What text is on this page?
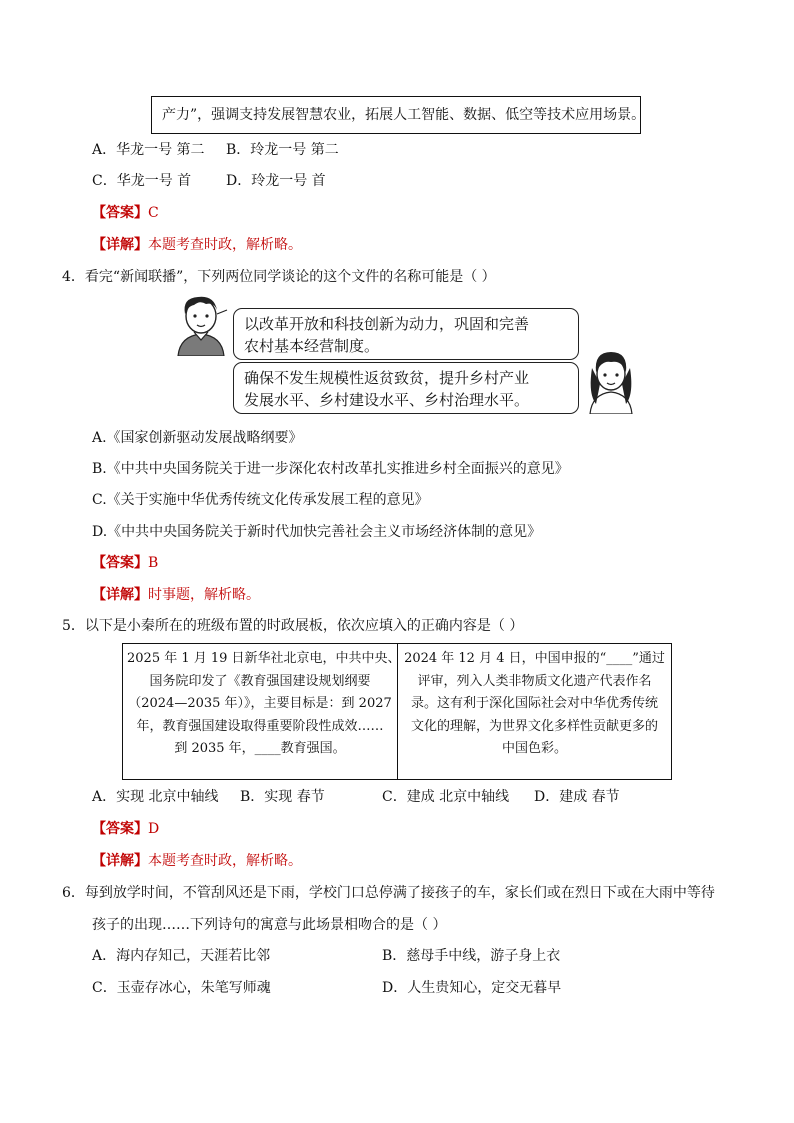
产力”，强调支持发展智慧农业，拓展人工智能、数据、低空等技术应用场景。
A．华龙一号 第二 B．玲龙一号 第二
C．华龙一号 首 D．玲龙一号 首
【答案】C
【详解】本题考查时政，解析略。
4．看完“新闻联播”，下列两位同学谈论的这个文件的名称可能是（ ）
以改革开放和科技创新为动力，巩固和完善
农村基本经营制度。
确保不发生规模性返贫致贫，提升乡村产业
发展水平、乡村建设水平、乡村治理水平。
A.《国家创新驱动发展战略纲要》
B.《中共中央国务院关于进一步深化农村改革扎实推进乡村全面振兴的意见》
C.《关于实施中华优秀传统文化传承发展工程的意见》
D.《中共中央国务院关于新时代加快完善社会主义市场经济体制的意见》
【答案】B
【详解】时事题，解析略。
5．以下是小秦所在的班级布置的时政展板，依次应填入的正确内容是（ ）
2025 年 1 月 19 日新华社北京电，中共中央、
国务院印发了《教育强国建设规划纲要
（2024—2035 年）》，主要目标是：到 2027
年，教育强国建设取得重要阶段性成效……
到 2035 年，____教育强国。
2024 年 12 月 4 日，中国申报的“____”通过
评审，列入人类非物质文化遗产代表作名
录。这有利于深化国际社会对中华优秀传统
文化的理解，为世界文化多样性贡献更多的
中国色彩。
A．实现 北京中轴线 B．实现 春节	C．建成 北京中轴线 D．建成 春节
【答案】D
【详解】本题考查时政，解析略。
6．每到放学时间，不管刮风还是下雨，学校门口总停满了接孩子的车，家长们或在烈日下或在大雨中等待
孩子的出现……下列诗句的寓意与此场景相吻合的是（ ）
A．海内存知己，天涯若比邻	B．慈母手中线，游子身上衣
C．玉壶存冰心，朱笔写师魂	D．人生贵知心，定交无暮早
